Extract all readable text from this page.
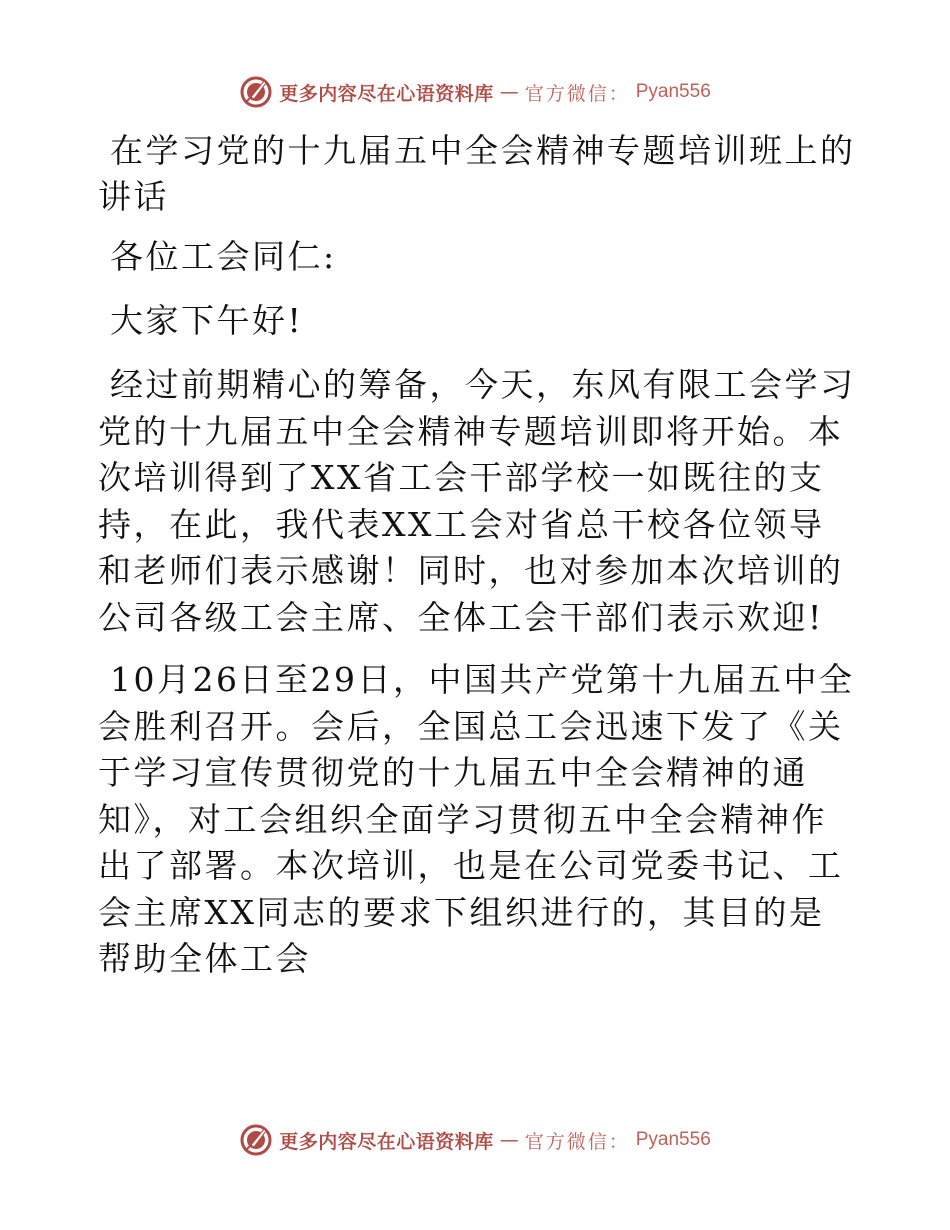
更多内容尽在心语资料库 — 官方微信： Pyan556

在学习党的十九届五中全会精神专题培训班上的讲话

各位工会同仁:

大家下午好!

经过前期精心的筹备，今天，东风有限工会学习党的十九届五中全会精神专题培训即将开始。本次培训得到了XX省工会干部学校一如既往的支持，在此，我代表XX工会对省总干校各位领导和老师们表示感谢！同时，也对参加本次培训的公司各级工会主席、全体工会干部们表示欢迎!

10月26日至29日，中国共产党第十九届五中全会胜利召开。会后，全国总工会迅速下发了《关于学习宣传贯彻党的十九届五中全会精神的通知》，对工会组织全面学习贯彻五中全会精神作出了部署。本次培训，也是在公司党委书记、工会主席XX同志的要求下组织进行的，其目的是帮助全体工会

更多内容尽在心语资料库 — 官方微信： Pyan556
